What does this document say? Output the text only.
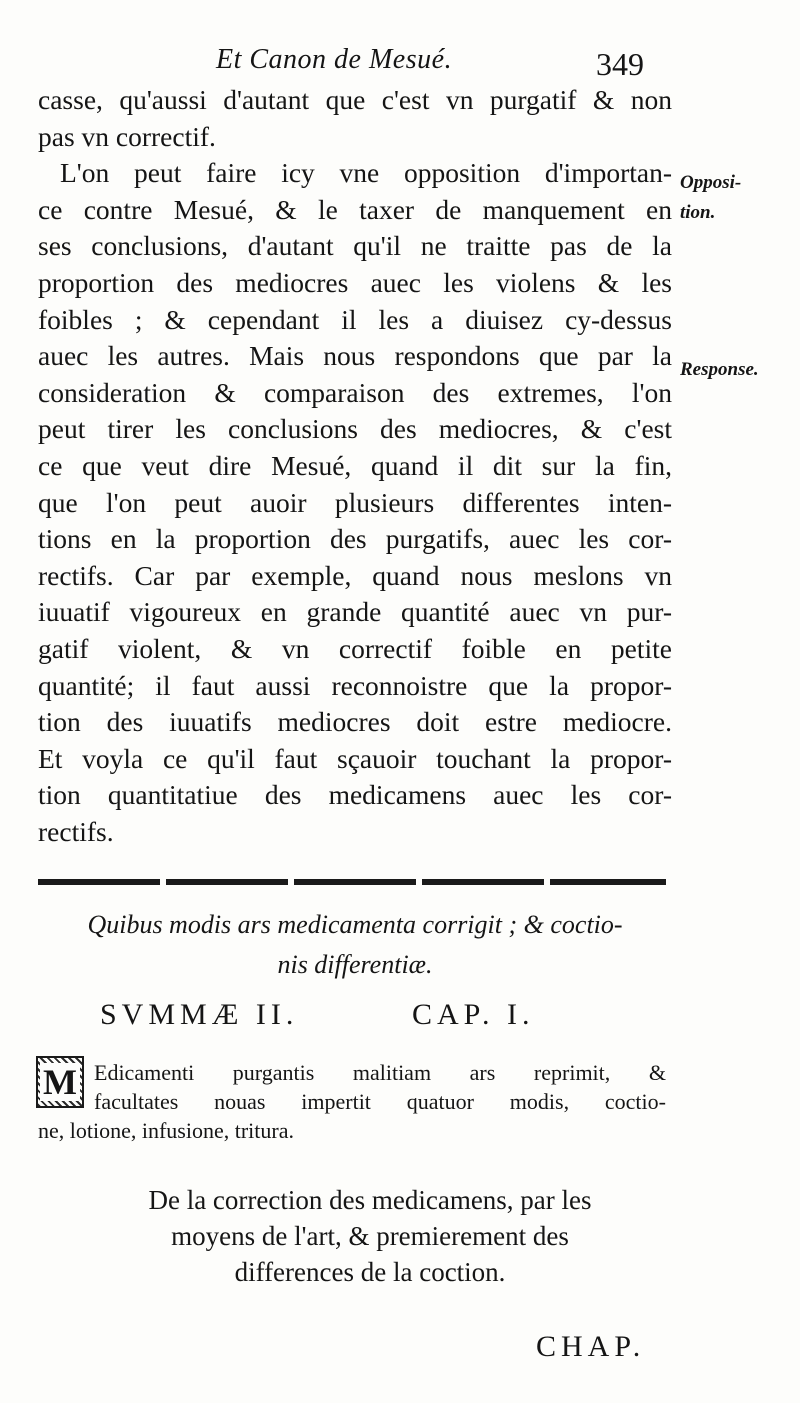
Et Canon de Mesué.	349
casse, qu'aussi d'autant que c'est vn purgatif & non
pas vn correctif.
L'on peut faire icy vne opposition d'importan-
ce contre Mesué, & le taxer de manquement en
ses conclusions, d'autant qu'il ne traitte pas de la
proportion des mediocres auec les violens & les
foibles ; & cependant il les a diuisez cy-dessus
auec les autres. Mais nous respondons que par la
consideration & comparaison des extremes, l'on
peut tirer les conclusions des mediocres, & c'est
ce que veut dire Mesué, quand il dit sur la fin,
que l'on peut auoir plusieurs differentes inten-
tions en la proportion des purgatifs, auec les cor-
rectifs. Car par exemple, quand nous meslons vn
iuuatif vigoureux en grande quantité auec vn pur-
gatif violent, & vn correctif foible en petite
quantité; il faut aussi reconnoistre que la propor-
tion des iuuatifs mediocres doit estre mediocre.
Et voyla ce qu'il faut sçauoir touchant la propor-
tion quantitatiue des medicamens auec les cor-
rectifs.
Opposi-
tion.
Response.
Quibus modis ars medicamenta corrigit ; & coctio-
nis differentiæ.
SVMMÆ II.	CAP. I.
M Edicamenti purgantis malitiam ars reprimit, &
facultates nouas impertit quatuor modis, coctio-
ne, lotione, infusione, tritura.
De la correction des medicamens, par les
moyens de l'art, & premierement des
differences de la coction.
CHAP.
